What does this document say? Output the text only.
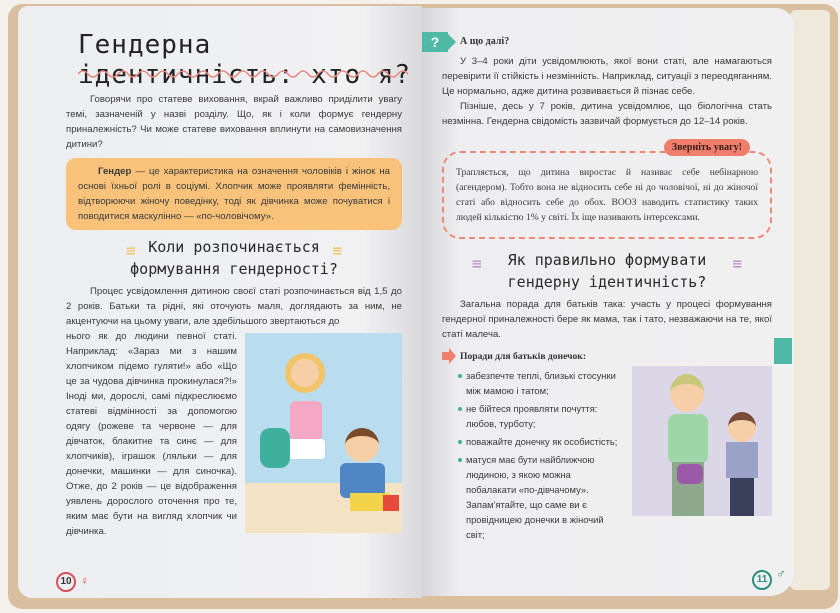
Гендерна ідентичність: хто я?

Говорячи про статеве виховання, вкрай важливо приділити увагу темі, зазначеній у назві розділу. Що, як і коли формує гендерну приналежність? Чи може статеве виховання вплинути на самовизначення дитини?

Гендер — це характеристика на означення чоловіків і жінок на основі їхньої ролі в соціумі. Хлопчик може проявляти фемінність, відтворюючи жіночу поведінку, тоді як дівчинка може почуватися і поводитися маскулінно — «по-чоловічому».

≡	≡
Коли розпочинається
формування гендерності?

Процес усвідомлення дитиною своєї статі розпочинається від 1,5 до 2 років. Батьки та рідні, які оточують маля, доглядають за ним, не акцентуючи на цьому уваги, але здебільшого звертаються до

нього як до людини певної статі. Наприклад: «Зараз ми з нашим хлопчиком підемо гуляти!» або «Що це за чудова дівчинка прокинулася?!» Іноді ми, дорослі, самі підкреслюємо статеві відмінності за допомогою одягу (рожеве та червоне — для дівчаток, блакитне та синє — для хлопчиків), іграшок (ляльки — для донечки, машинки — для синочка). Отже, до 2 років — це відображення уявлень дорослого оточення про те, яким має бути на вигляд хлопчик чи дівчинка.

10 ♀
?	А що далі?

У 3–4 роки діти усвідомлюють, якої вони статі, але намагаються перевірити її стійкість і незмінність. Наприклад, ситуації з переодяганням. Це нормально, адже дитина розвивається й пізнає себе.

Пізніше, десь у 7 років, дитина усвідомлює, що біологічна стать незмінна. Гендерна свідомість зазвичай формується до 12–14 років.

Зверніть увагу!

Трапляється, що дитина виростає й називає себе небінарною (агендером). Тобто вона не відносить себе ні до чоловічої, ні до жіночої статі або відносить себе до обох. ВООЗ наводить статистику таких людей кількістю 1% у світі. Їх іще називають інтерсексами.

≡	≡
Як правильно формувати
гендерну ідентичність?

Загальна порада для батьків така: участь у процесі формування гендерної приналежності бере як мама, так і тато, незважаючи на те, якої статі малеча.

Поради для батьків донечок:
забезпечте теплі, близькі стосунки між мамою і татом;
не бійтеся проявляти почуття: любов, турботу;
поважайте донечку як особистість;
матуся має бути найближчою людиною, з якою можна побалакати «по-дівчачому». Запам'ятайте, що саме ви є провідницею донечки в жіночий світ;
11 ♂
